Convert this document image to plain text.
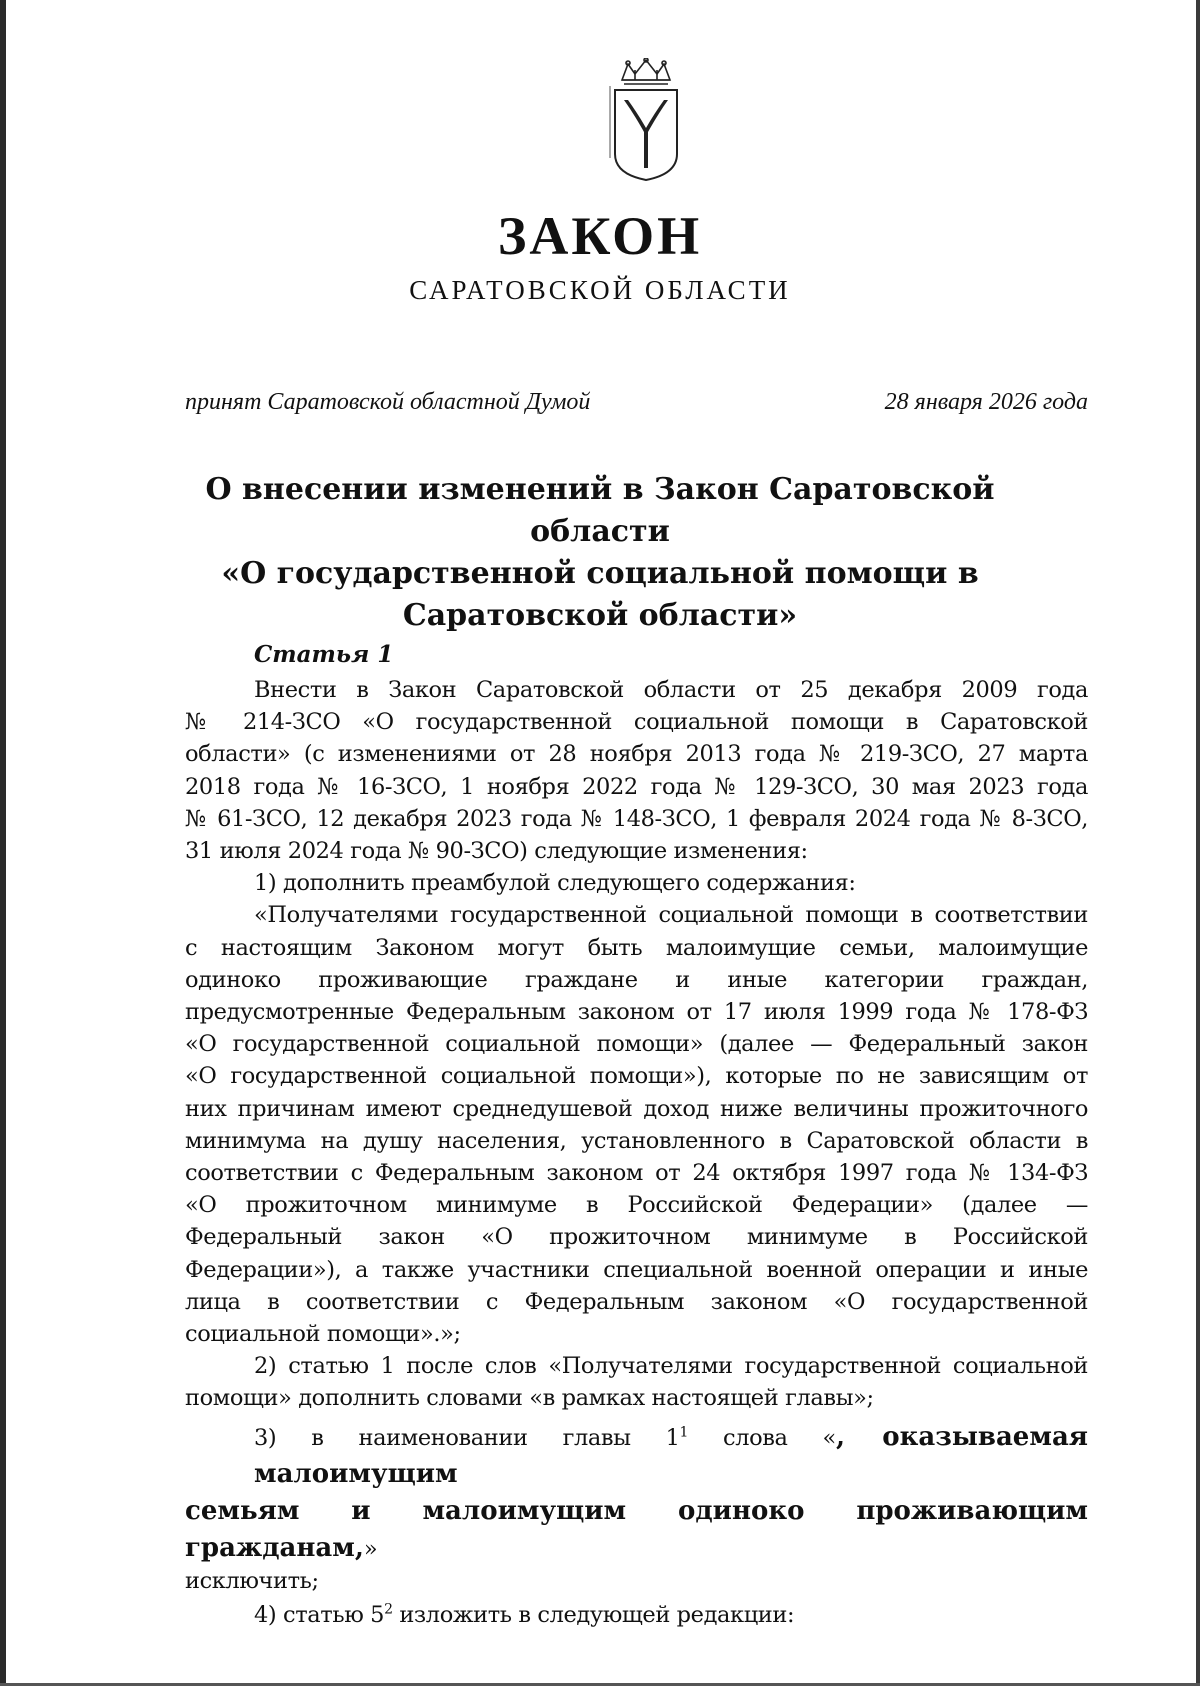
ЗАКОН
САРАТОВСКОЙ ОБЛАСТИ
принят Саратовской областной Думой	28 января 2026 года
О внесении изменений в Закон Саратовской области
«О государственной социальной помощи в
Саратовской области»
Статья 1
Внести в Закон Саратовской области от 25 декабря 2009 года
№ 214-ЗСО «О государственной социальной помощи в Саратовской
области» (с изменениями от 28 ноября 2013 года № 219-ЗСО, 27 марта
2018 года № 16-ЗСО, 1 ноября 2022 года № 129-ЗСО, 30 мая 2023 года
№ 61-ЗСО, 12 декабря 2023 года № 148-ЗСО, 1 февраля 2024 года № 8-ЗСО,
31 июля 2024 года № 90-ЗСО) следующие изменения:
1) дополнить преамбулой следующего содержания:
«Получателями государственной социальной помощи в соответствии
с настоящим Законом могут быть малоимущие семьи, малоимущие
одиноко проживающие граждане и иные категории граждан,
предусмотренные Федеральным законом от 17 июля 1999 года № 178-ФЗ
«О государственной социальной помощи» (далее — Федеральный закон
«О государственной социальной помощи»), которые по не зависящим от
них причинам имеют среднедушевой доход ниже величины прожиточного
минимума на душу населения, установленного в Саратовской области в
соответствии с Федеральным законом от 24 октября 1997 года № 134-ФЗ
«О прожиточном минимуме в Российской Федерации» (далее —
Федеральный закон «О прожиточном минимуме в Российской
Федерации»), а также участники специальной военной операции и иные
лица в соответствии с Федеральным законом «О государственной
социальной помощи».»;
2) статью 1 после слов «Получателями государственной социальной
помощи» дополнить словами «в рамках настоящей главы»;
3) в наименовании главы $1^1$ слова «, оказываемая малоимущим
семьям и малоимущим одиноко проживающим гражданам,»
исключить;
4) статью $5^2$ изложить в следующей редакции:
